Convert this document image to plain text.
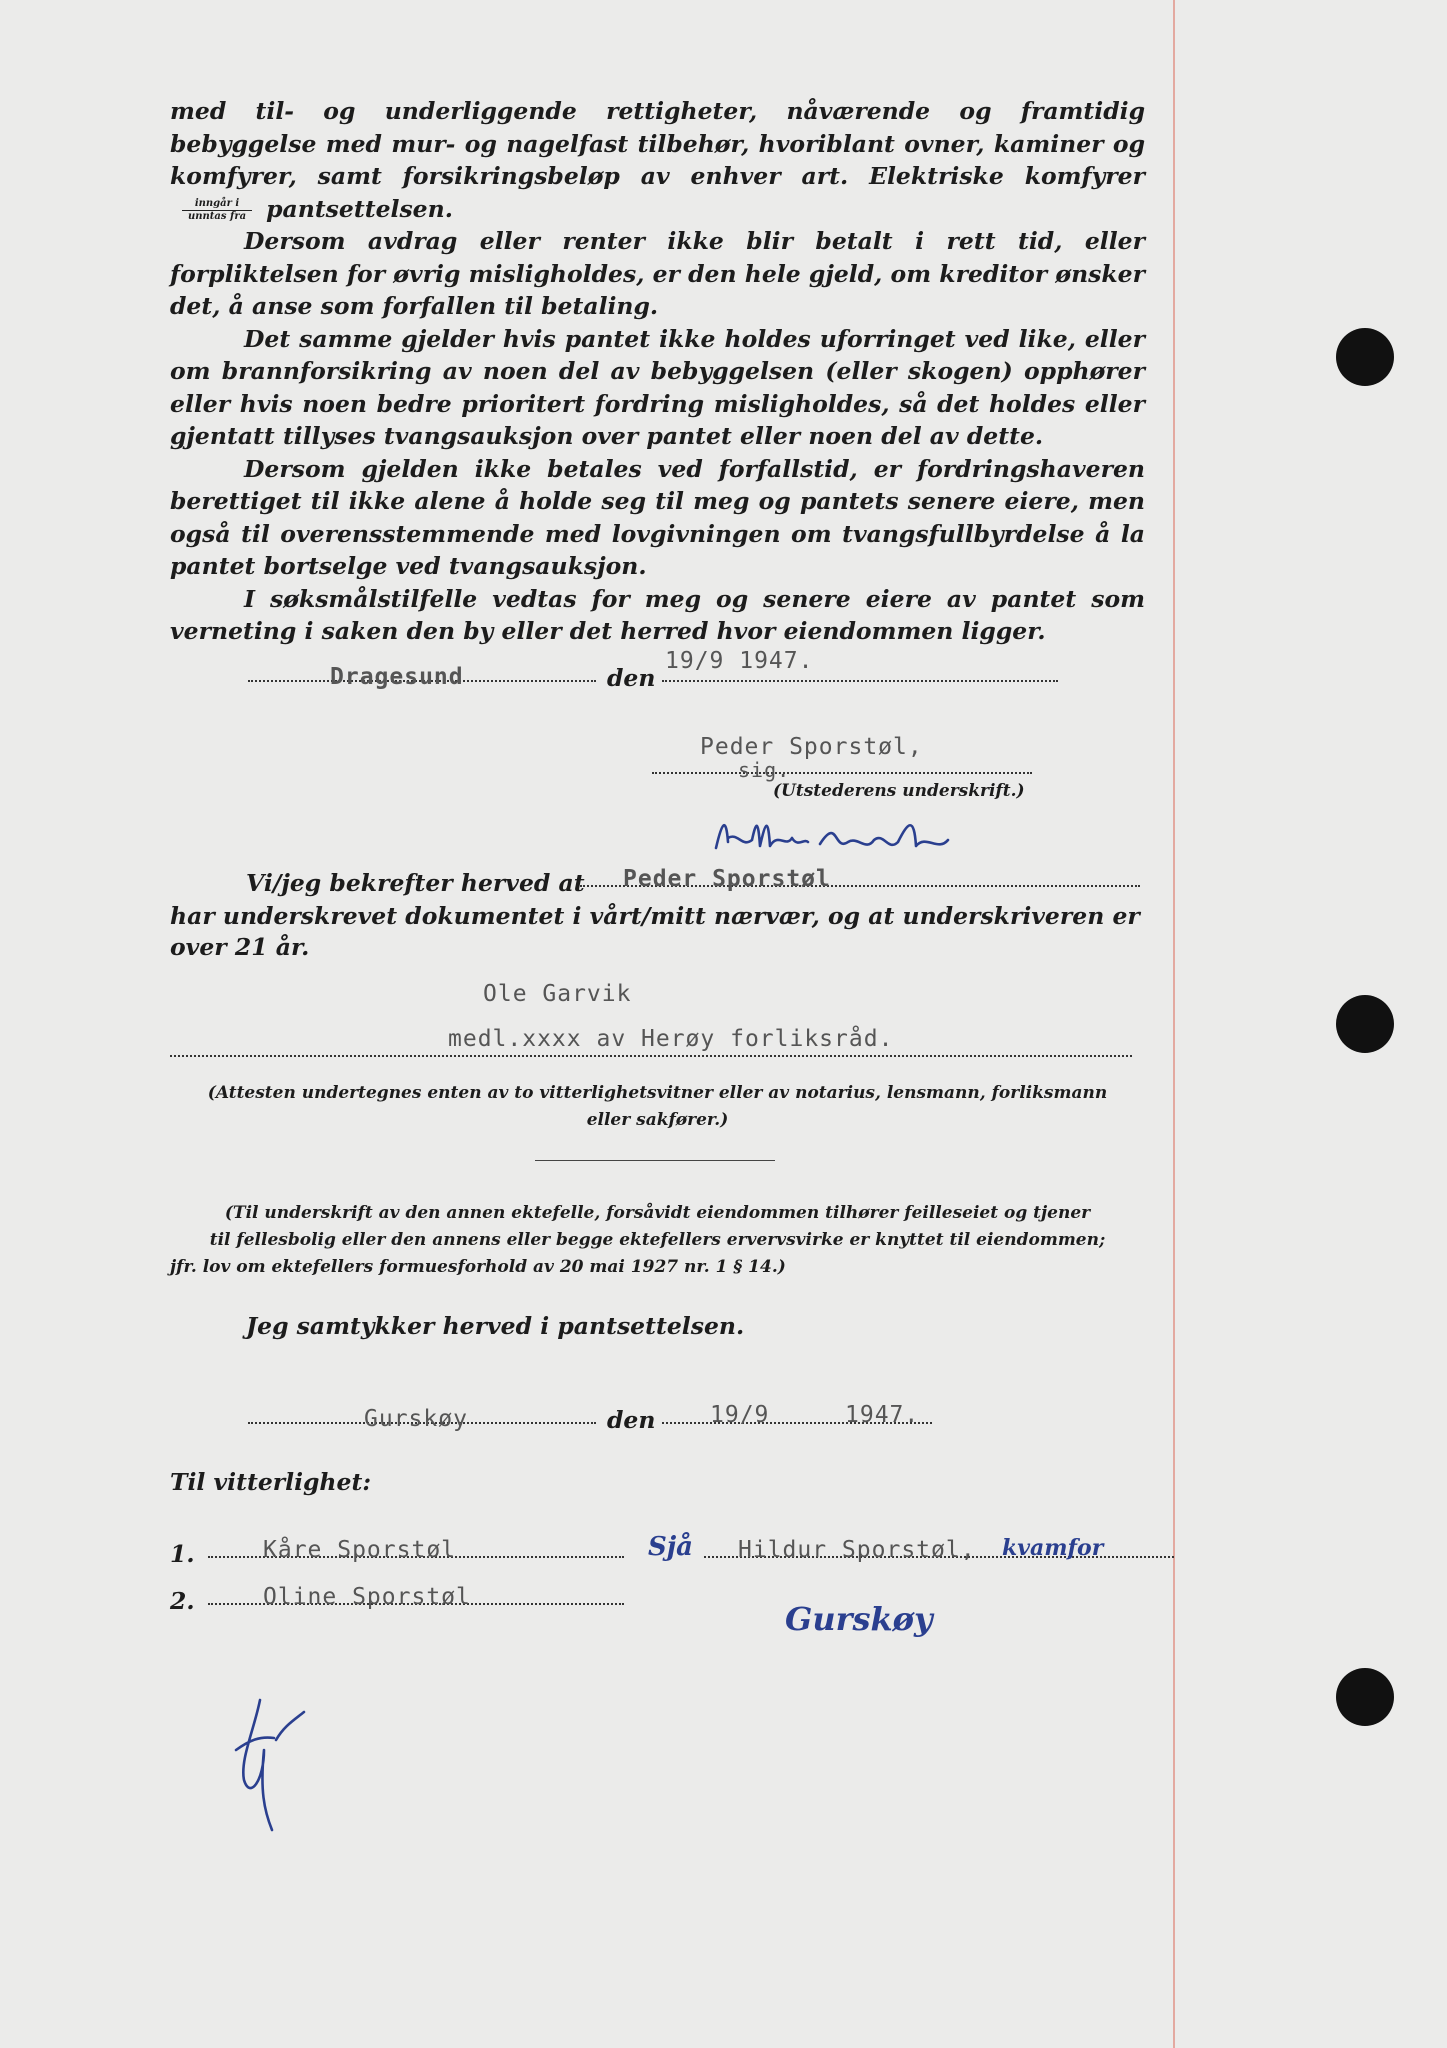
med til- og underliggende rettigheter, nåværende og framtidig bebyggelse med mur- og nagelfast tilbehør, hvoriblant ovner, kaminer og komfyrer, samt forsikringsbeløp av enhver art. Elektriske komfyrer
$\frac{\text{inngår i}}{\text{unntas fra}}$ pantsettelsen.

Dersom avdrag eller renter ikke blir betalt i rett tid, eller forpliktelsen for øvrig misligholdes, er den hele gjeld, om kreditor ønsker det, å anse som forfallen til betaling.

Det samme gjelder hvis pantet ikke holdes uforringet ved like, eller om brannforsikring av noen del av bebyggelsen (eller skogen) opphører eller hvis noen bedre prioritert fordring misligholdes, så det holdes eller gjentatt tillyses tvangsauksjon over pantet eller noen del av dette.

Dersom gjelden ikke betales ved forfallstid, er fordringshaveren berettiget til ikke alene å holde seg til meg og pantets senere eiere, men også til overensstemmende med lovgivningen om tvangsfullbyrdelse å la pantet bortselge ved tvangsauksjon.

I søksmålstilfelle vedtas for meg og senere eiere av pantet som verneting i saken den by eller det herred hvor eiendommen ligger.

Dragesund	den
19/9 1947.
Peder Sporstøl,
sig.
(Utstederens underskrift.)
Vi/jeg bekrefter herved at Peder Sporstøl
har underskrevet dokumentet i vårt/mitt nærvær, og at underskriveren er
over 21 år.
Ole Garvik
medl.xxxx av Herøy forliksråd.
(Attesten undertegnes enten av to vitterlighetsvitner eller av notarius, lensmann, forliksmann
eller sakfører.)
(Til underskrift av den annen ektefelle, forsåvidt eiendommen tilhører feilleseiet og tjener
til fellesbolig eller den annens eller begge ektefellers ervervsvirke er knyttet til eiendommen;
jfr. lov om ektefellers formuesforhold av 20 mai 1927 nr. 1 § 14.)
Jeg samtykker herved i pantsettelsen.
Gurskøy	den 19/9	1947.
Til vitterlighet:
1.	Kåre Sporstøl
2.	Oline Sporstøl
Sjå Hildur Sporstøl, kvamfor
Gurskøy
